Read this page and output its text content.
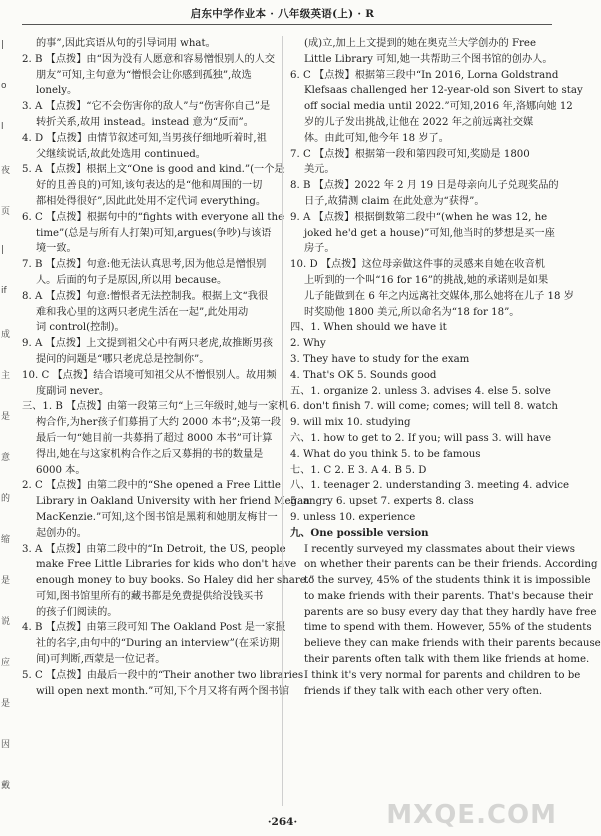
启东中学作业本 · 八年级英语(上) · R
|
o
l
夜
页
|
if
成
主
是
意
的
缩
是
说
应
是
因
戴
的事”,因此宾语从句的引导词用 what。
2. B 【点拨】由“因为没有人愿意和容易憎恨别人的人交
朋友”可知,主句意为“憎恨会让你感到孤独”,故选
lonely。
3. A 【点拨】“它不会伤害你的敌人”与“伤害你自己”是
转折关系,故用 instead。instead 意为“反而”。
4. D 【点拨】由情节叙述可知,当男孩仔细地听着时,祖
父继续说话,故此处选用 continued。
5. A 【点拨】根据上文“One is good and kind.”(一个是
好的且善良的)可知,该句表达的是“他和周围的一切
都相处得很好”,因此此处用不定代词 everything。
6. C 【点拨】根据句中的“fights with everyone all the
time”(总是与所有人打架)可知,argues(争吵)与该语
境一致。
7. B 【点拨】句意:他无法认真思考,因为他总是憎恨别
人。后面的句子是原因,所以用 because。
8. A 【点拨】句意:憎恨者无法控制我。根据上文“我很
难和我心里的这两只老虎生活在一起”,此处用动
词 control(控制)。
9. A 【点拨】上文提到祖父心中有两只老虎,故推断男孩
提问的问题是“哪只老虎总是控制你”。
10. C 【点拨】结合语境可知祖父从不憎恨别人。故用频
度副词 never。
三、1. B 【点拨】由第一段第三句“上三年级时,她与一家机
构合作,为her孩子们募捐了大约 2000 本书”;及第一段
最后一句“她目前一共募捐了超过 8000 本书”可计算
得出,她在与这家机构合作之后又募捐的书的数量是
6000 本。
2. C 【点拨】由第二段中的“She opened a Free Little
Library in Oakland University with her friend Megan
MacKenzie.”可知,这个图书馆是黑莉和她朋友梅甘一
起创办的。
3. A 【点拨】由第二段中的“In Detroit, the US, people
make Free Little Libraries for kids who don't have
enough money to buy books. So Haley did her share.”
可知,图书馆里所有的藏书都是免费提供给没钱买书
的孩子们阅读的。
4. B 【点拨】由第三段可知 The Oakland Post 是一家报
社的名字,由句中的“During an interview”(在采访期
间)可判断,西蒙是一位记者。
5. C 【点拨】由最后一段中的“Their another two libraries
will open next month.”可知,下个月又将有两个图书馆
(成)立,加上上文提到的她在奥克兰大学创办的 Free
Little Library 可知,她一共帮助三个图书馆的创办人。
6. C 【点拨】根据第三段中“In 2016, Lornа Goldstrand
Klefsaas challenged her 12-year-old son Sivert to stay
off social media until 2022.”可知,2016 年,洛娜向她 12
岁的儿子发出挑战,让他在 2022 年之前远离社交媒
体。由此可知,他今年 18 岁了。
7. C 【点拨】根据第一段和第四段可知,奖励是 1800
美元。
8. B 【点拨】2022 年 2 月 19 日是母亲向儿子兑现奖品的
日子,故猜测 claim 在此处意为“获得”。
9. A 【点拨】根据倒数第二段中“(when he was 12, he
joked he'd get a house)”可知,他当时的梦想是买一座
房子。
10. D 【点拨】这位母亲做这件事的灵感来自她在收音机
上听到的一个叫“16 for 16”的挑战,她的承诺则是如果
儿子能做到在 6 年之内远离社交媒体,那么她将在儿子 18 岁
时奖励他 1800 美元,所以命名为“18 for 18”。
四、1. When should we have it
2. Why
3. They have to study for the exam
4. That's OK 5. Sounds good
五、1. organize 2. unless 3. advises 4. else 5. solve
6. don't finish 7. will come; comes; will tell 8. watch
9. will mix 10. studying
六、1. how to get to 2. If you; will pass 3. will have
4. What do you think 5. to be famous
七、1. C 2. E 3. A 4. B 5. D
八、1. teenager 2. understanding 3. meeting 4. advice
5. angry 6. upset 7. experts 8. class
9. unless 10. experience
九、One possible version
I recently surveyed my classmates about their views
on whether their parents can be their friends. According
to the survey, 45% of the students think it is impossible
to make friends with their parents. That's because their
parents are so busy every day that they hardly have free
time to spend with them. However, 55% of the students
believe they can make friends with their parents because
their parents often talk with them like friends at home.
I think it's very normal for parents and children to be
friends if they talk with each other very often.
·264·	MXQE.COM
